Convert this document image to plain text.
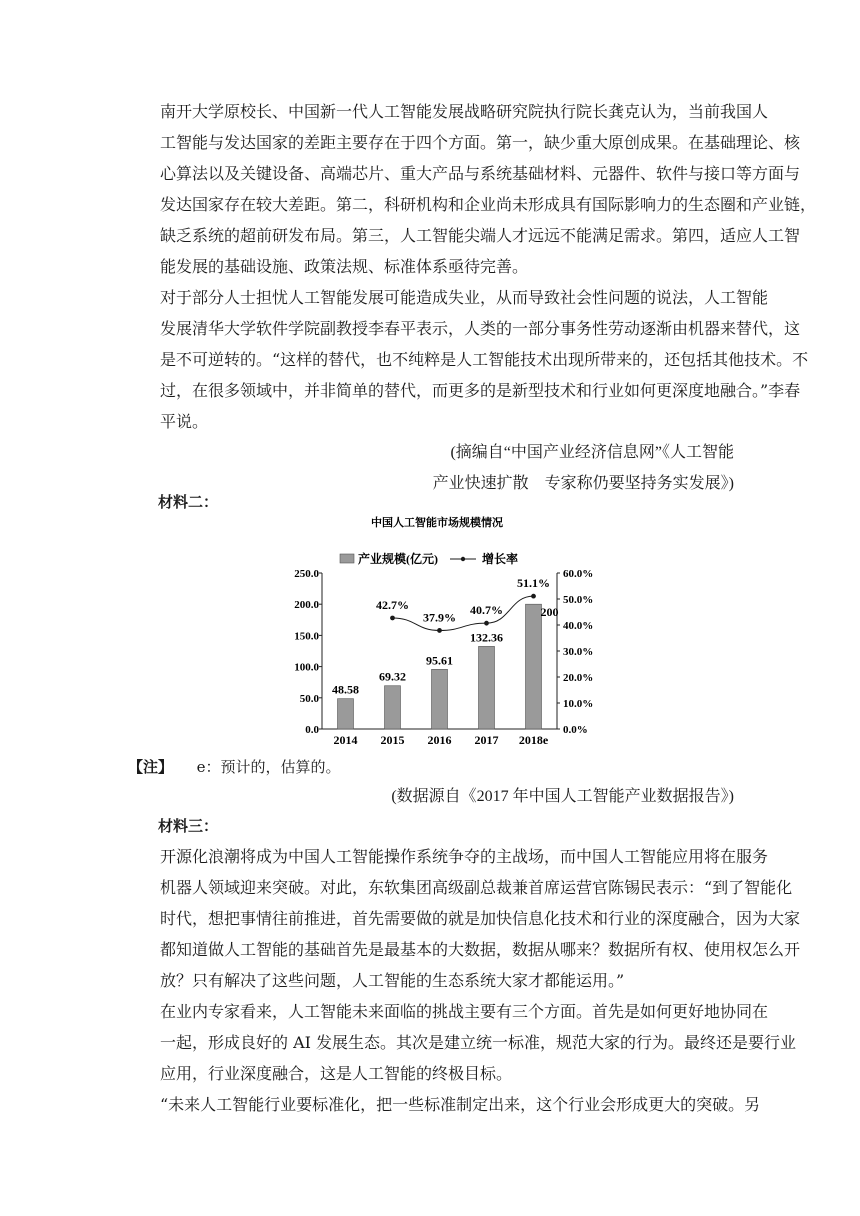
南开大学原校长、中国新一代人工智能发展战略研究院执行院长龚克认为，当前我国人
工智能与发达国家的差距主要存在于四个方面。第一，缺少重大原创成果。在基础理论、核
心算法以及关键设备、高端芯片、重大产品与系统基础材料、元器件、软件与接口等方面与
发达国家存在较大差距。第二，科研机构和企业尚未形成具有国际影响力的生态圈和产业链，
缺乏系统的超前研发布局。第三，人工智能尖端人才远远不能满足需求。第四，适应人工智
能发展的基础设施、政策法规、标准体系亟待完善。

对于部分人士担忧人工智能发展可能造成失业，从而导致社会性问题的说法，人工智能
发展清华大学软件学院副教授李春平表示，人类的一部分事务性劳动逐渐由机器来替代，这
是不可逆转的。“这样的替代，也不纯粹是人工智能技术出现所带来的，还包括其他技术。不
过，在很多领域中，并非简单的替代，而更多的是新型技术和行业如何更深度地融合。”李春
平说。

(摘编自“中国产业经济信息网”《人工智能
产业快速扩散　专家称仍要坚持务实发展》)

材料二：

中国人工智能市场规模情况
产业规模(亿元)	增长率
0.0
50.0
100.0
150.0
200.0
250.0
0.0%
10.0%
20.0%
30.0%
40.0%
50.0%
60.0%
48.58
2014
69.32
2015
95.61
2016
132.36
2017
200
2018e
42.7%
37.9%
40.7%
51.1%

【注】 e：预计的，估算的。

(数据源自《2017 年中国人工智能产业数据报告》)

材料三：

开源化浪潮将成为中国人工智能操作系统争夺的主战场，而中国人工智能应用将在服务
机器人领域迎来突破。对此，东软集团高级副总裁兼首席运营官陈锡民表示：“到了智能化
时代，想把事情往前推进，首先需要做的就是加快信息化技术和行业的深度融合，因为大家
都知道做人工智能的基础首先是最基本的大数据，数据从哪来？数据所有权、使用权怎么开
放？只有解决了这些问题，人工智能的生态系统大家才都能运用。”

在业内专家看来，人工智能未来面临的挑战主要有三个方面。首先是如何更好地协同在
一起，形成良好的 AI 发展生态。其次是建立统一标准，规范大家的行为。最终还是要行业
应用，行业深度融合，这是人工智能的终极目标。

“未来人工智能行业要标准化，把一些标准制定出来，这个行业会形成更大的突破。另
